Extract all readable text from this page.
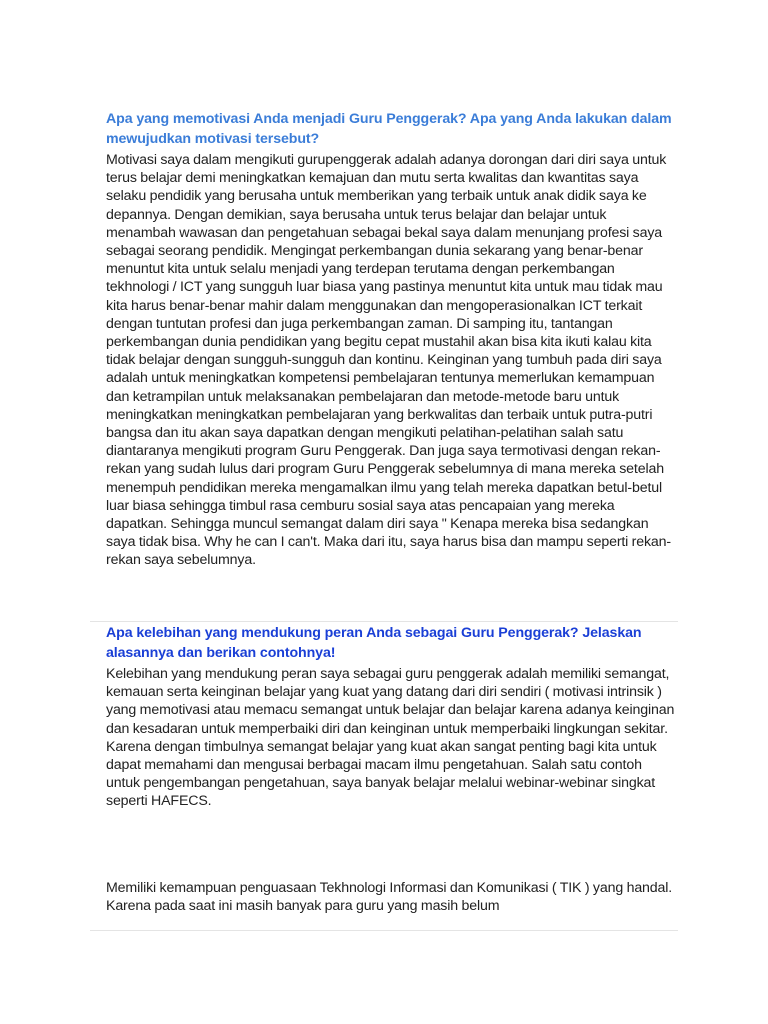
Apa yang memotivasi Anda menjadi Guru Penggerak? Apa yang Anda lakukan dalam mewujudkan motivasi tersebut?

Motivasi saya dalam mengikuti gurupenggerak adalah adanya dorongan dari diri saya untuk terus belajar demi meningkatkan kemajuan dan mutu serta kwalitas dan kwantitas saya selaku pendidik yang berusaha untuk memberikan yang terbaik untuk anak didik saya ke depannya. Dengan demikian, saya berusaha untuk terus belajar dan belajar untuk menambah wawasan dan pengetahuan sebagai bekal saya dalam menunjang profesi saya sebagai seorang pendidik. Mengingat perkembangan dunia sekarang yang benar-benar menuntut kita untuk selalu menjadi yang terdepan terutama dengan perkembangan tekhnologi / ICT yang sungguh luar biasa yang pastinya menuntut kita untuk mau tidak mau kita harus benar-benar mahir dalam menggunakan dan mengoperasionalkan ICT terkait dengan tuntutan profesi dan juga perkembangan zaman. Di samping itu, tantangan perkembangan dunia pendidikan yang begitu cepat mustahil akan bisa kita ikuti kalau kita tidak belajar dengan sungguh-sungguh dan kontinu. Keinginan yang tumbuh pada diri saya adalah untuk meningkatkan kompetensi pembelajaran tentunya memerlukan kemampuan dan ketrampilan untuk melaksanakan pembelajaran dan metode-metode baru untuk meningkatkan meningkatkan pembelajaran yang berkwalitas dan terbaik untuk putra-putri bangsa dan itu akan saya dapatkan dengan mengikuti pelatihan-pelatihan salah satu diantaranya mengikuti program Guru Penggerak. Dan juga saya termotivasi dengan rekan-rekan yang sudah lulus dari program Guru Penggerak sebelumnya di mana mereka setelah menempuh pendidikan mereka mengamalkan ilmu yang telah mereka dapatkan betul-betul luar biasa sehingga timbul rasa cemburu sosial saya atas pencapaian yang mereka dapatkan. Sehingga muncul semangat dalam diri saya " Kenapa mereka bisa sedangkan saya tidak bisa. Why he can I can't. Maka dari itu, saya harus bisa dan mampu seperti rekan-rekan saya sebelumnya.

Apa kelebihan yang mendukung peran Anda sebagai Guru Penggerak? Jelaskan alasannya dan berikan contohnya!

Kelebihan yang mendukung peran saya sebagai guru penggerak adalah memiliki semangat, kemauan serta keinginan belajar yang kuat yang datang dari diri sendiri ( motivasi intrinsik ) yang memotivasi atau memacu semangat untuk belajar dan belajar karena adanya keinginan dan kesadaran untuk memperbaiki diri dan keinginan untuk memperbaiki lingkungan sekitar. Karena dengan timbulnya semangat belajar yang kuat akan sangat penting bagi kita untuk dapat memahami dan mengusai berbagai macam ilmu pengetahuan. Salah satu contoh untuk pengembangan pengetahuan, saya banyak belajar melalui webinar-webinar singkat seperti HAFECS.

Memiliki kemampuan penguasaan Tekhnologi Informasi dan Komunikasi ( TIK ) yang handal. Karena pada saat ini masih banyak para guru yang masih belum
